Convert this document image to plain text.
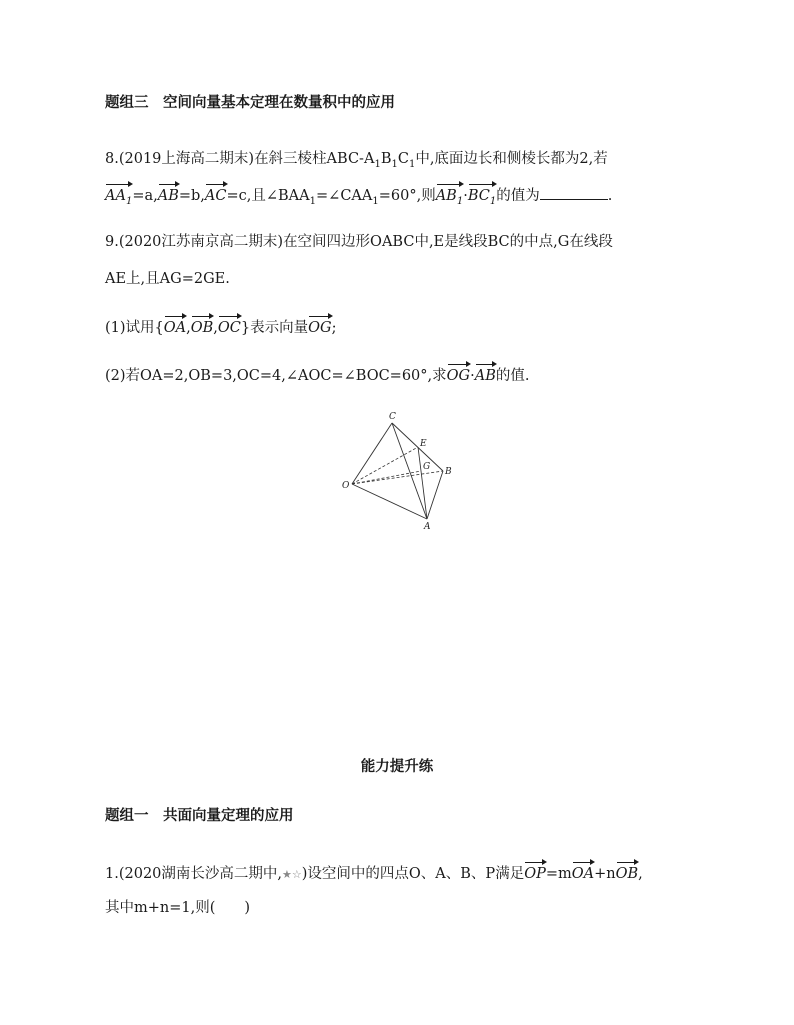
题组三　空间向量基本定理在数量积中的应用
8.(2019上海高二期末)在斜三棱柱ABC-$A_1B_1C_1$中,底面边长和侧棱长都为2,若
$AA_1=a,AB=b,AC=c$,且$\angle BAA_1=\angle CAA_1=60^\circ$,则$AB_1\cdot BC_1$的值为	.
9.(2020江苏南京高二期末)在空间四边形OABC中,E是线段BC的中点,G在线段
AE上,且AG=2GE.
(1)试用{OA,OB,OC}表示向量OG;
(2)若OA=2,OB=3,OC=4,∠AOC=∠BOC=60°,求OG·AB的值.
C
E
G B
O
A
能力提升练
题组一　共面向量定理的应用
1.(2020湖南长沙高二期中,★☆)设空间中的四点O、A、B、P满足OP=mOA+nOB,
其中m+n=1,则(　　)
